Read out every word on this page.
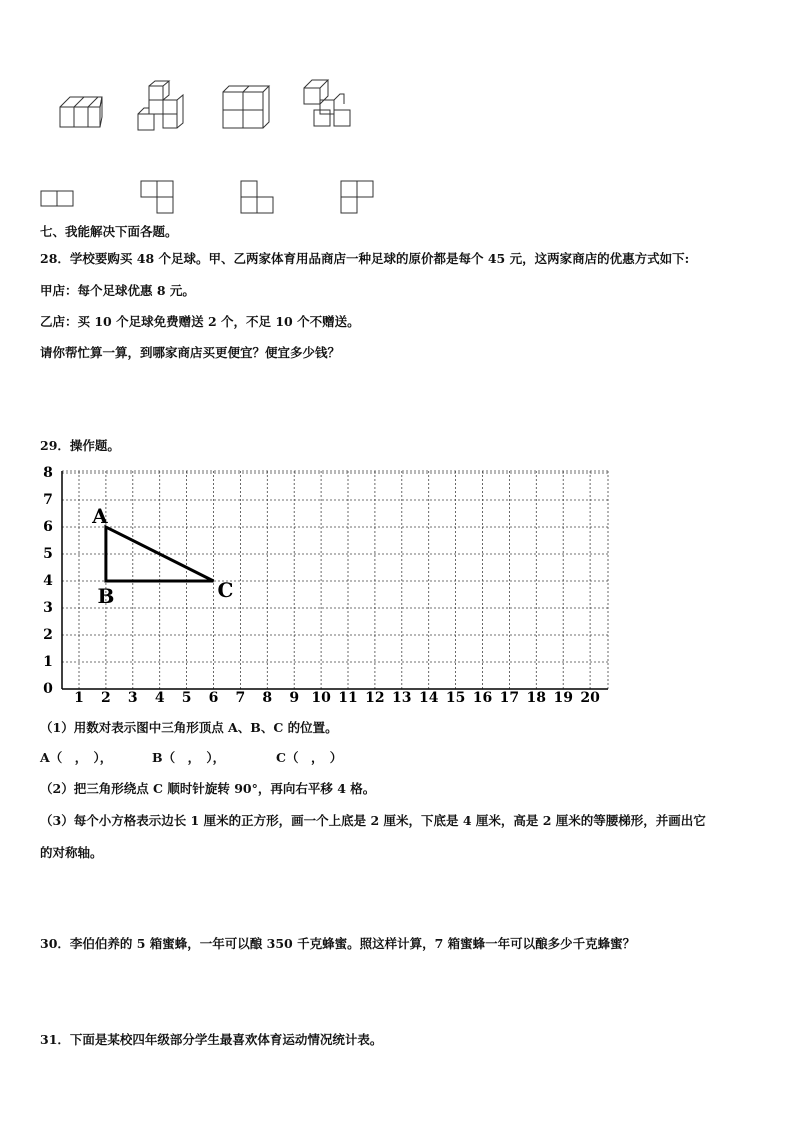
七、我能解决下面各题。
28．学校要购买 48 个足球。甲、乙两家体育用品商店一种足球的原价都是每个 45 元，这两家商店的优惠方式如下:
甲店：每个足球优惠 8 元。
乙店：买 10 个足球免费赠送 2 个，不足 10 个不赠送。
请你帮忙算一算，到哪家商店买更便宜？便宜多少钱？
29．操作题。
1 2 3 4 5 6 7 8 9 10 11 12 13 14 15 16 17 18 19 20
0
1
2
3
4
5
6
7
8
A
B	C
（1）用数对表示图中三角形顶点 A、B、C 的位置。
A（　，　），	B（　，　），	C（　，　）
（2）把三角形绕点 C 顺时针旋转 90°，再向右平移 4 格。
（3）每个小方格表示边长 1 厘米的正方形，画一个上底是 2 厘米，下底是 4 厘米，高是 2 厘米的等腰梯形，并画出它
的对称轴。
30．李伯伯养的 5 箱蜜蜂，一年可以酿 350 千克蜂蜜。照这样计算，7 箱蜜蜂一年可以酿多少千克蜂蜜？
31．下面是某校四年级部分学生最喜欢体育运动情况统计表。
